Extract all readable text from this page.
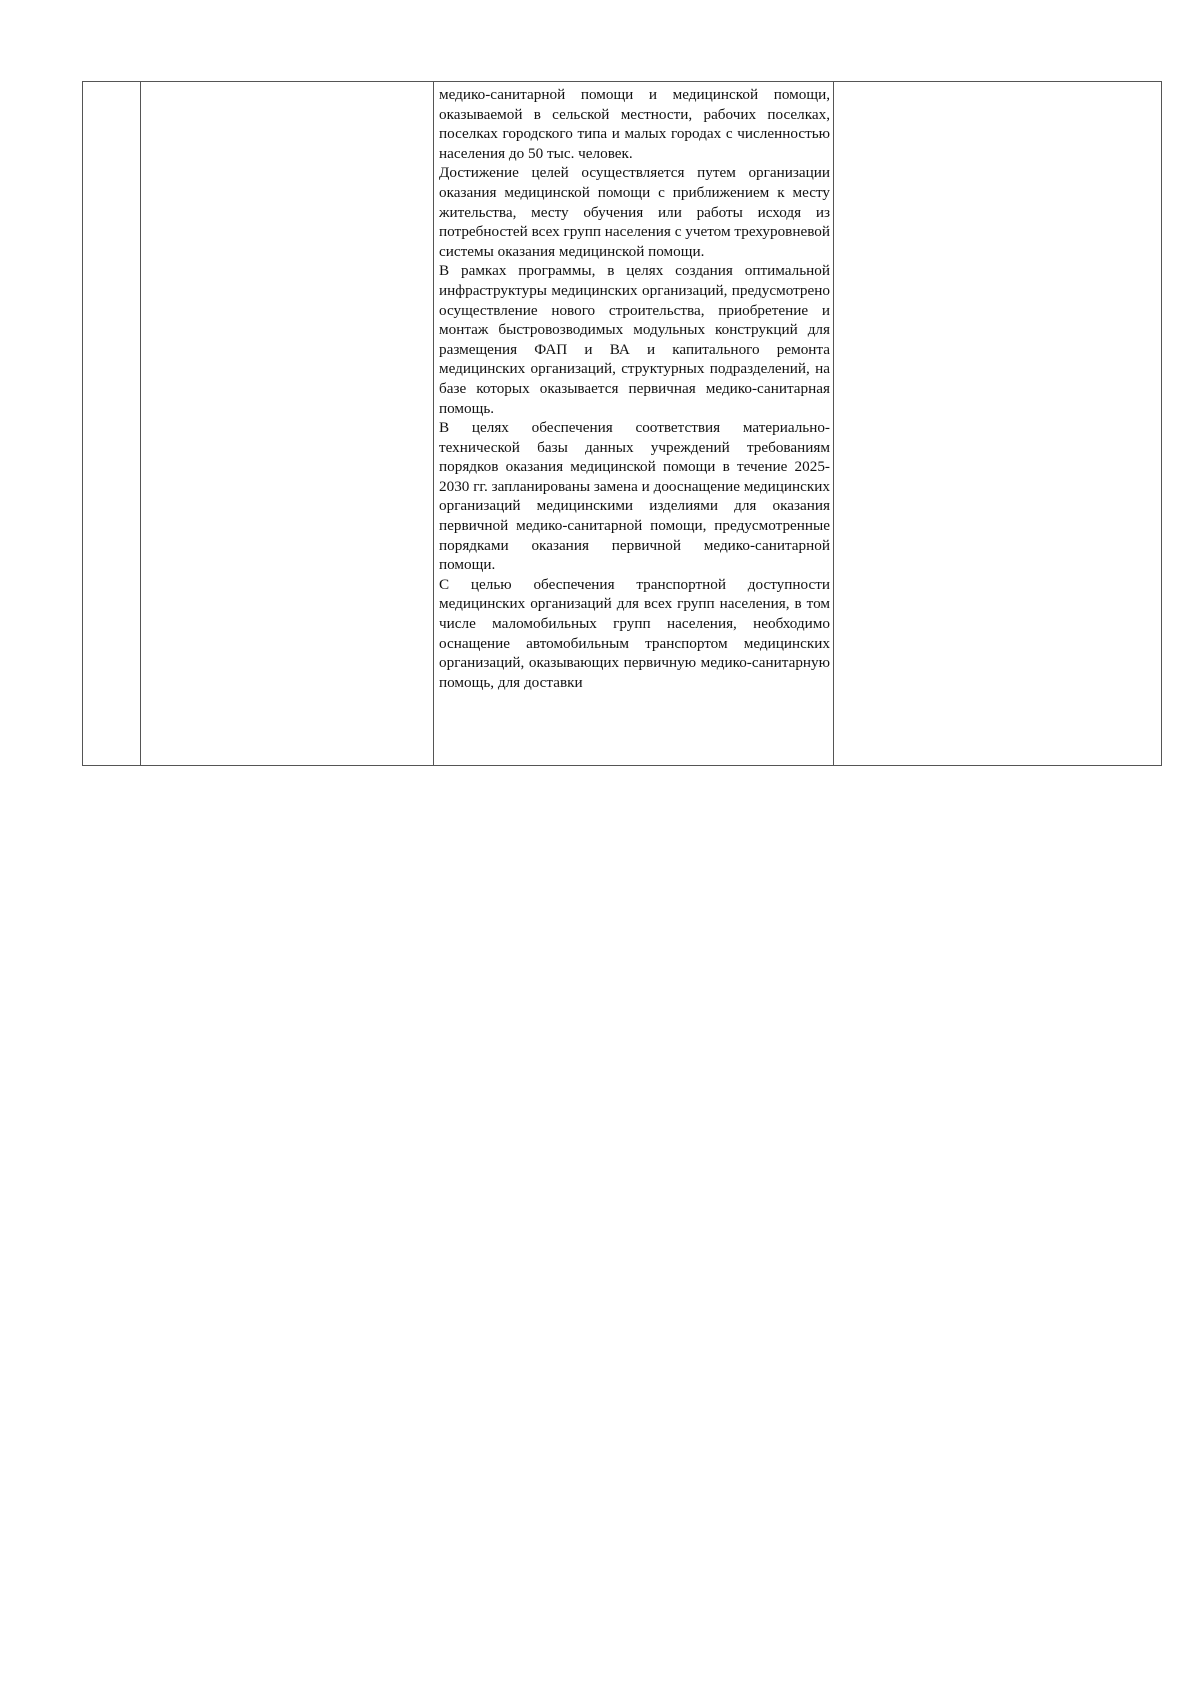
медико-санитарной помощи и медицинской помощи, оказываемой в сельской местности, рабочих поселках, поселках городского типа и малых городах с численностью населения до 50 тыс. человек.

Достижение целей осуществляется путем организации оказания медицинской помощи с приближением к месту жительства, месту обучения или работы исходя из потребностей всех групп населения с учетом трехуровневой системы оказания медицинской помощи.

В рамках программы, в целях создания оптимальной инфраструктуры медицинских организаций, предусмотрено осуществление нового строительства, приобретение и монтаж быстровозводимых модульных конструкций для размещения ФАП и ВА и капитального ремонта медицинских организаций, структурных подразделений, на базе которых оказывается первичная медико-санитарная помощь.

В целях обеспечения соответствия материально-технической базы данных учреждений требованиям порядков оказания медицинской помощи в течение 2025-2030 гг. запланированы замена и дооснащение медицинских организаций медицинскими изделиями для оказания первичной медико-санитарной помощи, предусмотренные порядками оказания первичной медико-санитарной помощи.

С целью обеспечения транспортной доступности медицинских организаций для всех групп населения, в том числе маломобильных групп населения, необходимо оснащение автомобильным транспортом медицинских организаций, оказывающих первичную медико-санитарную помощь, для доставки
